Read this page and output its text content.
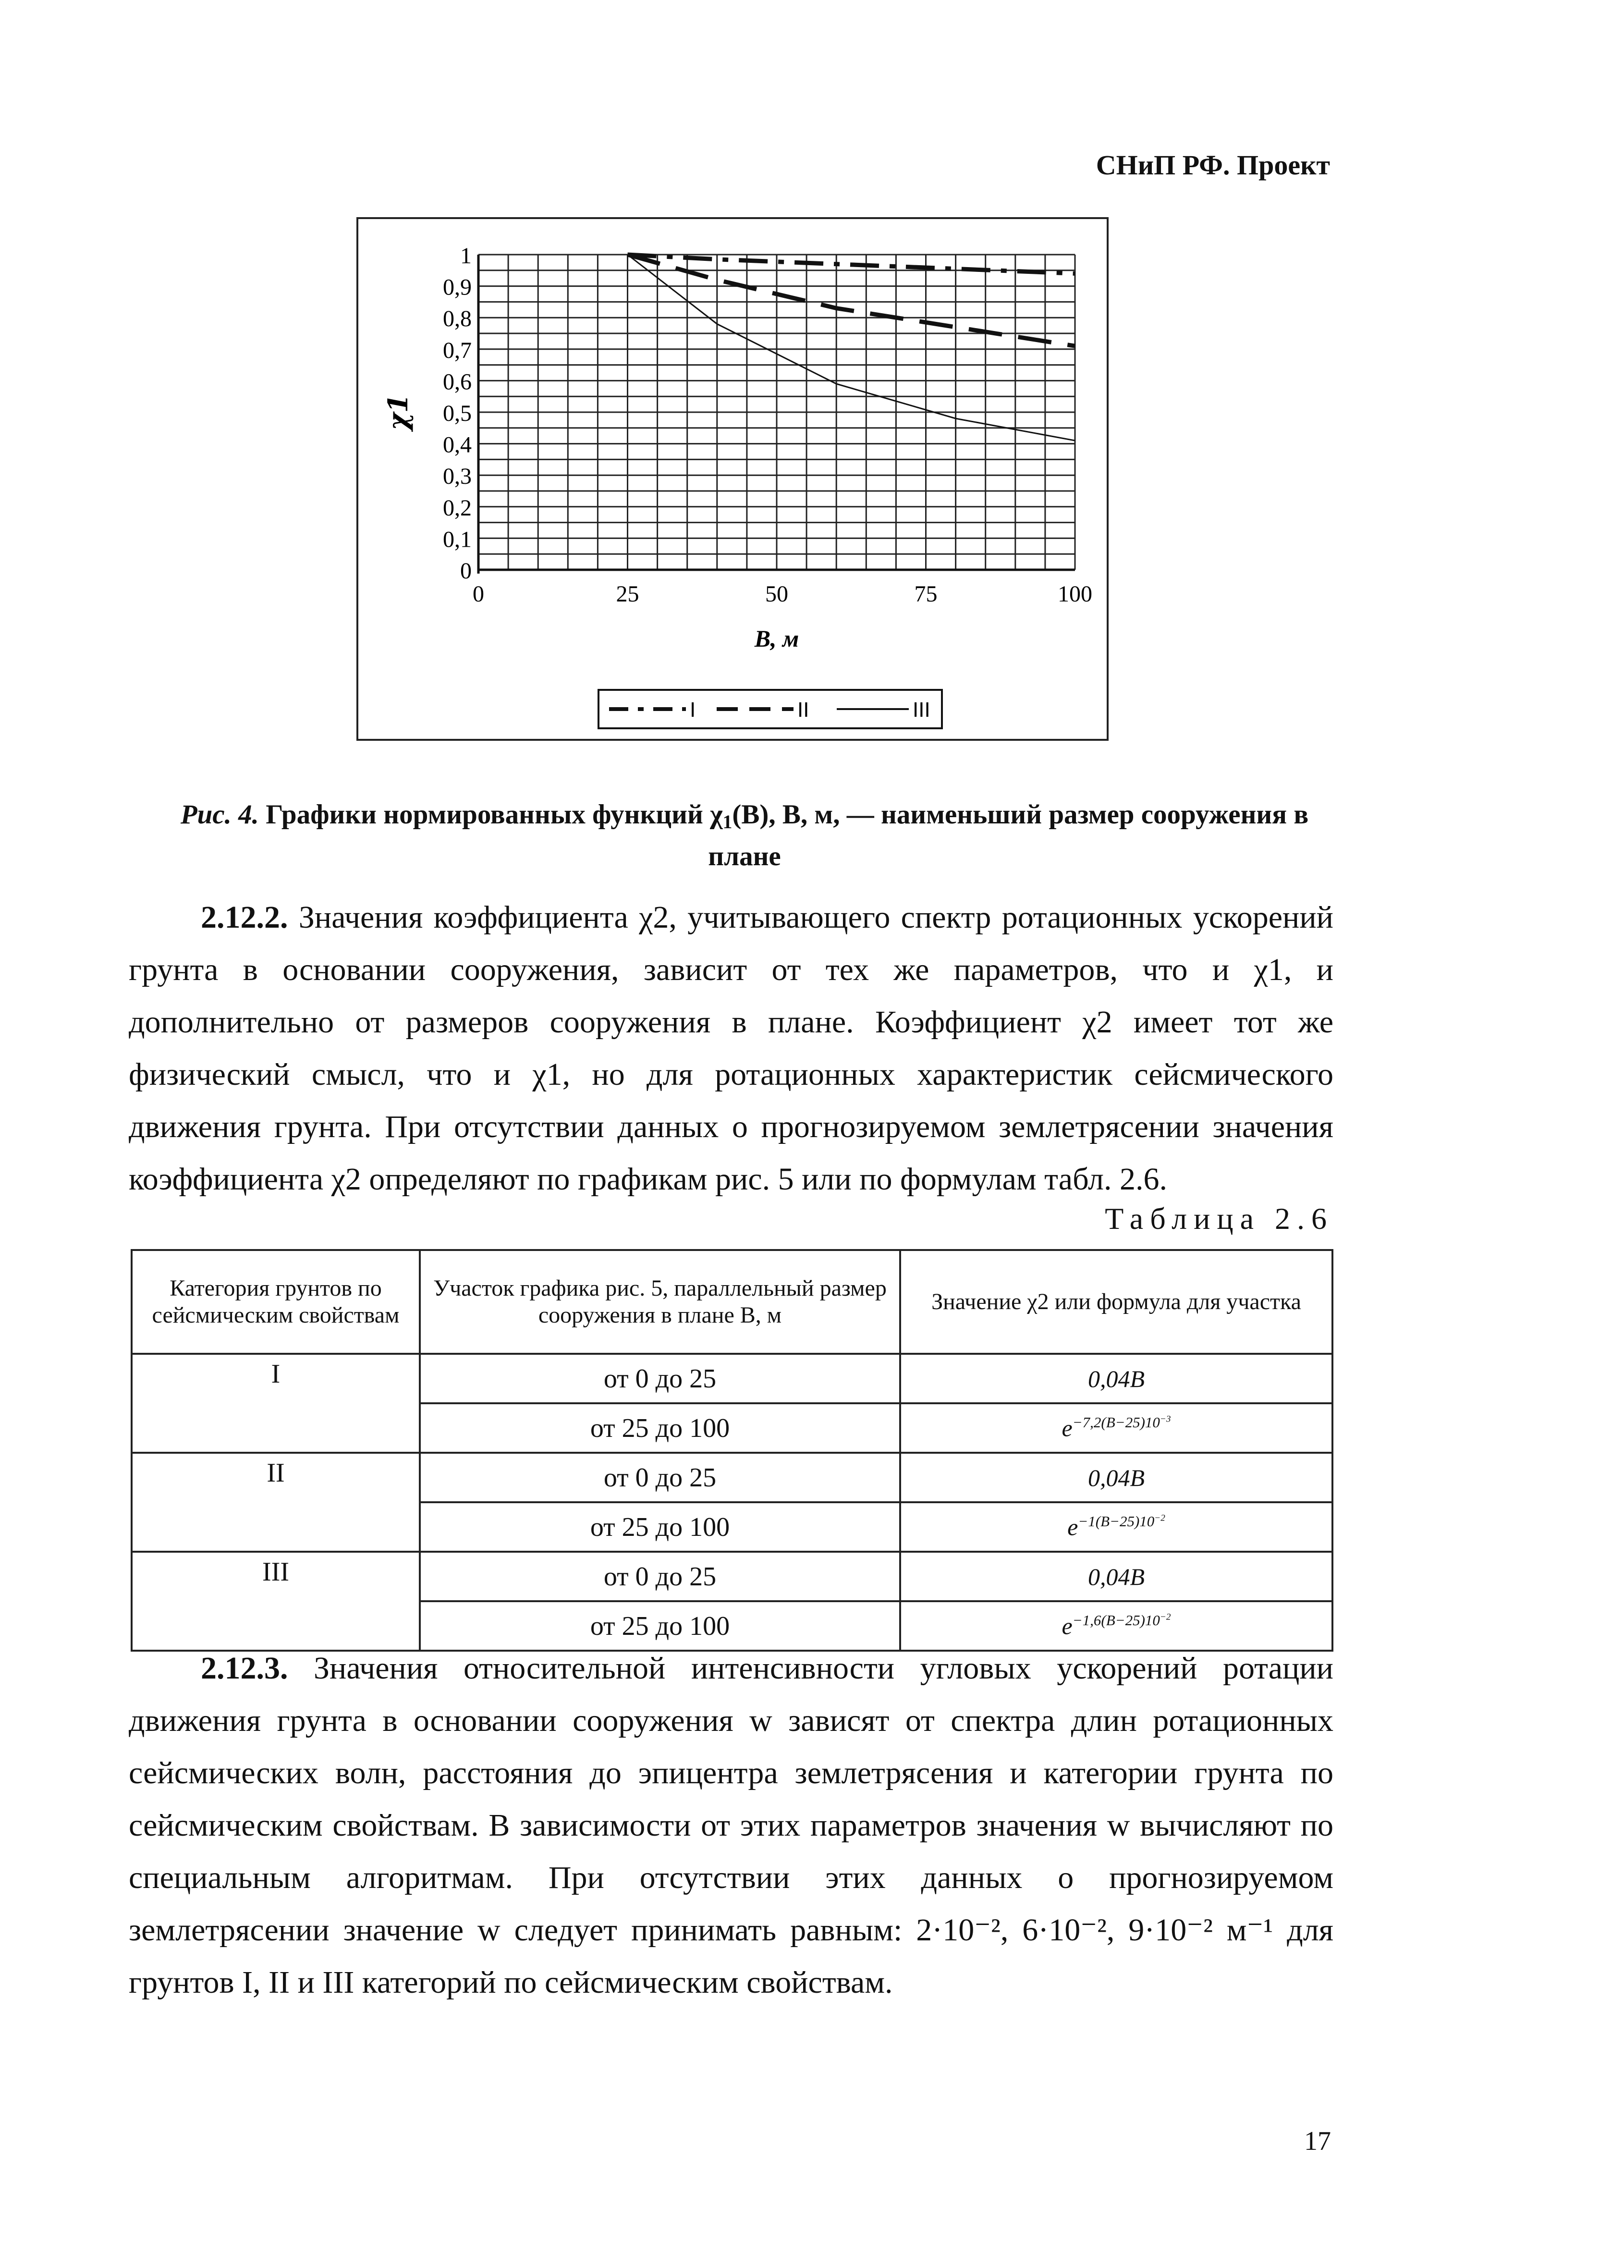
СНиП РФ. Проект
0
0,1
0,2
0,3
0,4
0,5
0,6
0,7
0,8
0,9
1
0	25	50	75	100
χ1
B, м
I	II	III
Рис. 4. Графики нормированных функций $\chi_1(B)$, B, м, — наименьший размер сооружения в плане
2.12.2. Значения коэффициента χ2, учитывающего спектр ротационных ускорений грунта в основании сооружения, зависит от тех же параметров, что и χ1, и дополнительно от размеров сооружения в плане. Коэффициент χ2 имеет тот же физический смысл, что и χ1, но для ротационных характеристик сейсмического движения грунта. При отсутствии данных о прогнозируемом землетрясении значения коэффициента χ2 определяют по графикам рис. 5 или по формулам табл. 2.6.
Таблица 2.6
Категория грунтов по сейсмическим свойствам	Участок графика рис. 5, параллельный размер сооружения в плане B, м	Значение χ2 или формула для участка
I	от 0 до 25	0,04B
	от 25 до 100	$e^{-7,2(B-25)10^{-3}}$
II	от 0 до 25	0,04B
	от 25 до 100	$e^{-1(B-25)10^{-2}}$
III	от 0 до 25	0,04B
	от 25 до 100	$e^{-1,6(B-25)10^{-2}}$
2.12.3. Значения относительной интенсивности угловых ускорений ротации движения грунта в основании сооружения w зависят от спектра длин ротационных сейсмических волн, расстояния до эпицентра землетрясения и категории грунта по сейсмическим свойствам. В зависимости от этих параметров значения w вычисляют по специальным алгоритмам. При отсутствии этих данных о прогнозируемом землетрясении значение w следует принимать равным: 2·10⁻², 6·10⁻², 9·10⁻² м⁻¹ для грунтов I, II и III категорий по сейсмическим свойствам.
17
